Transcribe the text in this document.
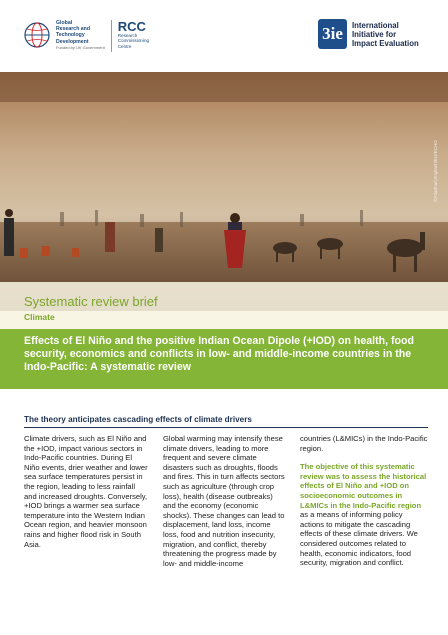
Global
Research and
Technology
Development
Funded by UK Government
RCC
Research
Commissioning
Centre
3ie	International
Initiative for
Impact Evaluation
©Ariadna/Unsplash/EU/ECHO
Systematic review brief
Climate
Effects of El Niño and the positive Indian Ocean Dipole (+IOD) on health, food security, economics and conflicts in low- and middle-income countries in the Indo-Pacific: A systematic review
The theory anticipates cascading effects of climate drivers
Climate drivers, such as El Niño and the +IOD, impact various sectors in Indo-Pacific countries. During El Niño events, drier weather and lower sea surface temperatures persist in the region, leading to less rainfall and increased droughts. Conversely, +IOD brings a warmer sea surface temperature into the Western Indian Ocean region, and heavier monsoon rains and higher flood risk in South Asia.
Global warming may intensify these climate drivers, leading to more frequent and severe climate disasters such as droughts, floods and fires. This in turn affects sectors such as agriculture (through crop loss), health (disease outbreaks) and the economy (economic shocks). These changes can lead to displacement, land loss, income loss, food and nutrition insecurity, migration, and conflict, thereby threatening the progress made by low- and middle-income
countries (L&MICs) in the Indo-Pacific region.
The objective of this systematic review was to assess the historical effects of El Niño and +IOD on socioeconomic outcomes in L&MICs in the Indo-Pacific region as a means of informing policy actions to mitigate the cascading effects of these climate drivers. We considered outcomes related to health, economic indicators, food security, migration and conflict.
